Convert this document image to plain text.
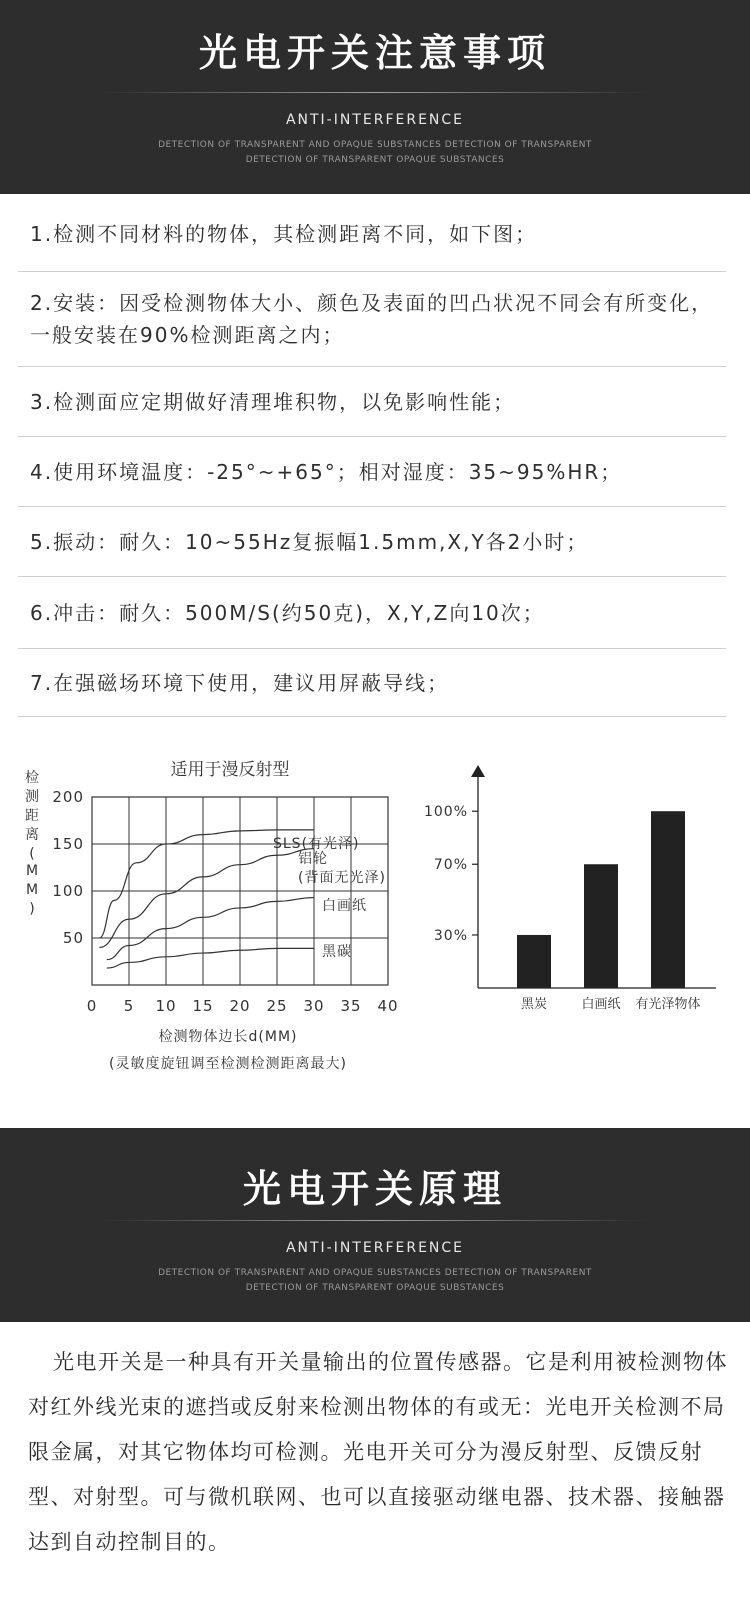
光电开关注意事项
ANTI-INTERFERENCE
DETECTION OF TRANSPARENT AND OPAQUE SUBSTANCES DETECTION OF TRANSPARENT
DETECTION OF TRANSPARENT OPAQUE SUBSTANCES
1.检测不同材料的物体，其检测距离不同，如下图；
2.安装：因受检测物体大小、颜色及表面的凹凸状况不同会有所变化，一般安装在90%检测距离之内；
3.检测面应定期做好清理堆积物，以免影响性能；
4.使用环境温度：-25°~+65°；相对湿度：35~95%HR；
5.振动：耐久：10~55Hz复振幅1.5mm,X,Y各2小时；
6.冲击：耐久：500M/S(约50克)，X,Y,Z向10次；
7.在强磁场环境下使用，建议用屏蔽导线；
适用于漫反射型
0 5 10 15 20 25 30 35 40
50
100
150
200
检测距离( M M )
检测物体边长d(MM)
(灵敏度旋钮调至检测检测距离最大)
SLS(有光泽)
铝轮(背面无光泽)
白画纸
黑碳
30%
70%
100%
黑炭	白画纸 有光泽物体
光电开关原理
ANTI-INTERFERENCE
DETECTION OF TRANSPARENT AND OPAQUE SUBSTANCES DETECTION OF TRANSPARENT
DETECTION OF TRANSPARENT OPAQUE SUBSTANCES
光电开关是一种具有开关量输出的位置传感器。它是利用被检测物体对红外线光束的遮挡或反射来检测出物体的有或无：光电开关检测不局限金属，对其它物体均可检测。光电开关可分为漫反射型、反馈反射型、对射型。可与微机联网、也可以直接驱动继电器、技术器、接触器达到自动控制目的。
